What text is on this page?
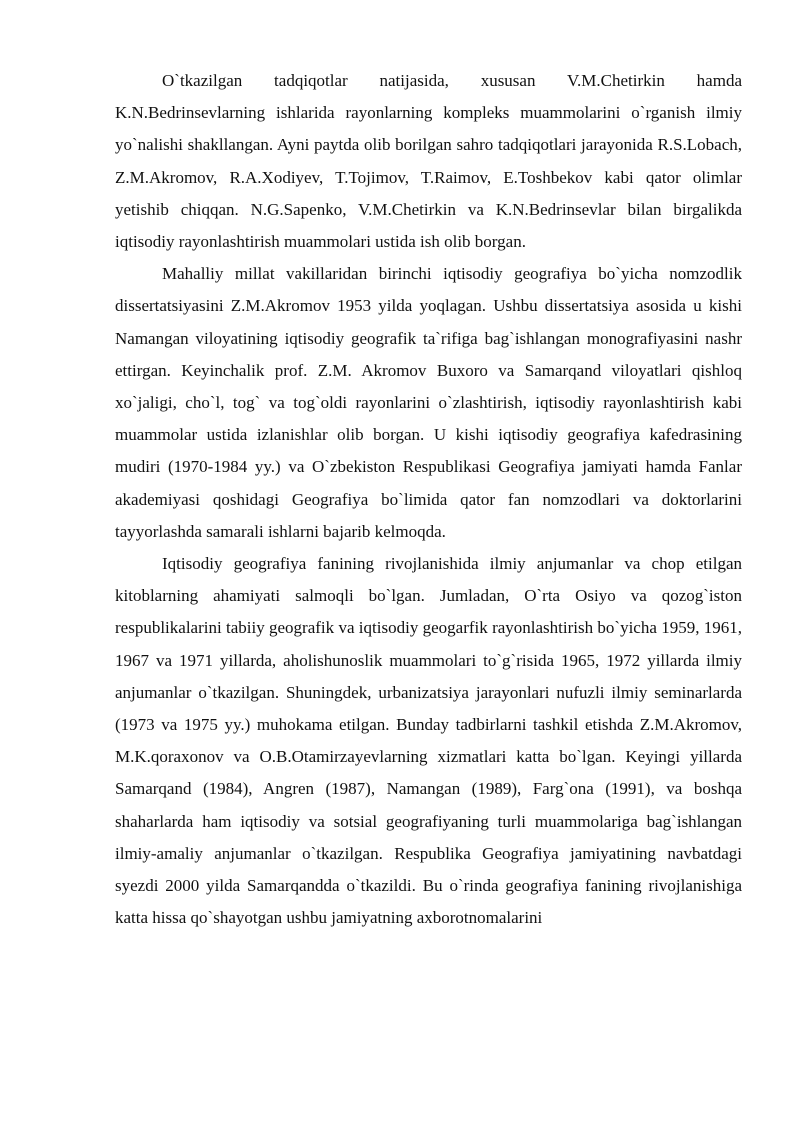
O`tkazilgan tadqiqotlar natijasida, xususan V.M.Chetirkin hamda K.N.Bedrinsevlarning ishlarida rayonlarning kompleks muammolarini o`rganish ilmiy yo`nalishi shakllangan. Ayni paytda olib borilgan sahro tadqiqotlari jarayonida R.S.Lobach, Z.M.Akromov, R.A.Xodiyev, T.Tojimov, T.Raimov, E.Toshbekov kabi qator olimlar yetishib chiqqan. N.G.Sapenko, V.M.Chetirkin va K.N.Bedrinsevlar bilan birgalikda iqtisodiy rayonlashtirish muammolari ustida ish olib borgan.

Mahalliy millat vakillaridan birinchi iqtisodiy geografiya bo`yicha nomzodlik dissertatsiyasini Z.M.Akromov 1953 yilda yoqlagan. Ushbu dissertatsiya asosida u kishi Namangan viloyatining iqtisodiy geografik ta`rifiga bag`ishlangan monografiyasini nashr ettirgan. Keyinchalik prof. Z.M. Akromov Buxoro va Samarqand viloyatlari qishloq xo`jaligi, cho`l, tog` va tog`oldi rayonlarini o`zlashtirish, iqtisodiy rayonlashtirish kabi muammolar ustida izlanishlar olib borgan. U kishi iqtisodiy geografiya kafedrasining mudiri (1970-1984 yy.) va O`zbekiston Respublikasi Geografiya jamiyati hamda Fanlar akademiyasi qoshidagi Geografiya bo`limida qator fan nomzodlari va doktorlarini tayyorlashda samarali ishlarni bajarib kelmoqda.

Iqtisodiy geografiya fanining rivojlanishida ilmiy anjumanlar va chop etilgan kitoblarning ahamiyati salmoqli bo`lgan. Jumladan, O`rta Osiyo va qozog`iston respublikalarini tabiiy geografik va iqtisodiy geogarfik rayonlashtirish bo`yicha 1959, 1961, 1967 va 1971 yillarda, aholishunoslik muammolari to`g`risida 1965, 1972 yillarda ilmiy anjumanlar o`tkazilgan. Shuningdek, urbanizatsiya jarayonlari nufuzli ilmiy seminarlarda (1973 va 1975 yy.) muhokama etilgan. Bunday tadbirlarni tashkil etishda Z.M.Akromov, M.K.qoraxonov va O.B.Otamirzayevlarning xizmatlari katta bo`lgan. Keyingi yillarda Samarqand (1984), Angren (1987), Namangan (1989), Farg`ona (1991), va boshqa shaharlarda ham iqtisodiy va sotsial geografiyaning turli muammolariga bag`ishlangan ilmiy-amaliy anjumanlar o`tkazilgan. Respublika Geografiya jamiyatining navbatdagi syezdi 2000 yilda Samarqandda o`tkazildi. Bu o`rinda geografiya fanining rivojlanishiga katta hissa qo`shayotgan ushbu jamiyatning axborotnomalarini
